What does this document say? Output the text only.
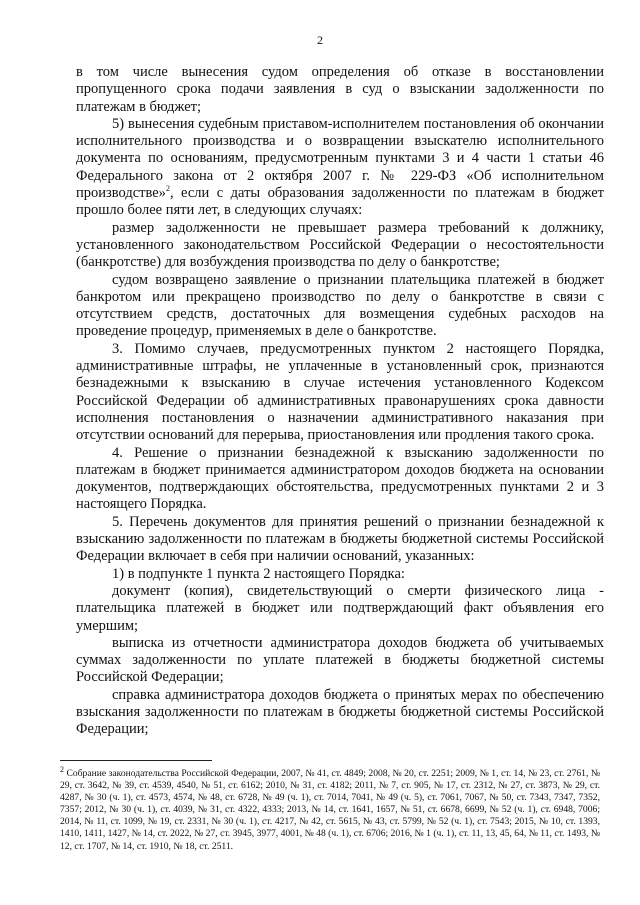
2

в том числе вынесения судом определения об отказе в восстановлении пропущенного срока подачи заявления в суд о взыскании задолженности по платежам в бюджет;

5) вынесения судебным приставом-исполнителем постановления об окончании исполнительного производства и о возвращении взыскателю исполнительного документа по основаниям, предусмотренным пунктами 3 и 4 части 1 статьи 46 Федерального закона от 2 октября 2007 г. № 229-ФЗ «Об исполнительном производстве»$^2$, если с даты образования задолженности по платежам в бюджет прошло более пяти лет, в следующих случаях:

размер задолженности не превышает размера требований к должнику, установленного законодательством Российской Федерации о несостоятельности (банкротстве) для возбуждения производства по делу о банкротстве;

судом возвращено заявление о признании плательщика платежей в бюджет банкротом или прекращено производство по делу о банкротстве в связи с отсутствием средств, достаточных для возмещения судебных расходов на проведение процедур, применяемых в деле о банкротстве.

3. Помимо случаев, предусмотренных пунктом 2 настоящего Порядка, административные штрафы, не уплаченные в установленный срок, признаются безнадежными к взысканию в случае истечения установленного Кодексом Российской Федерации об административных правонарушениях срока давности исполнения постановления о назначении административного наказания при отсутствии оснований для перерыва, приостановления или продления такого срока.

4. Решение о признании безнадежной к взысканию задолженности по платежам в бюджет принимается администратором доходов бюджета на основании документов, подтверждающих обстоятельства, предусмотренных пунктами 2 и 3 настоящего Порядка.

5. Перечень документов для принятия решений о признании безнадежной к взысканию задолженности по платежам в бюджеты бюджетной системы Российской Федерации включает в себя при наличии оснований, указанных:

1) в подпункте 1 пункта 2 настоящего Порядка:

документ (копия), свидетельствующий о смерти физического лица - плательщика платежей в бюджет или подтверждающий факт объявления его умершим;

выписка из отчетности администратора доходов бюджета об учитываемых суммах задолженности по уплате платежей в бюджеты бюджетной системы Российской Федерации;

справка администратора доходов бюджета о принятых мерах по обеспечению взыскания задолженности по платежам в бюджеты бюджетной системы Российской Федерации;

$^2$ Собрание законодательства Российской Федерации, 2007, № 41, ст. 4849; 2008, № 20, ст. 2251; 2009, № 1, ст. 14, № 23, ст. 2761, № 29, ст. 3642, № 39, ст. 4539, 4540, № 51, ст. 6162; 2010, № 31, ст. 4182; 2011, № 7, ст. 905, № 17, ст. 2312, № 27, ст. 3873, № 29, ст. 4287, № 30 (ч. 1), ст. 4573, 4574, № 48, ст. 6728, № 49 (ч. 1), ст. 7014, 7041, № 49 (ч. 5), ст. 7061, 7067, № 50, ст. 7343, 7347, 7352, 7357; 2012, № 30 (ч. 1), ст. 4039, № 31, ст. 4322, 4333; 2013, № 14, ст. 1641, 1657, № 51, ст. 6678, 6699, № 52 (ч. 1), ст. 6948, 7006; 2014, № 11, ст. 1099, № 19, ст. 2331, № 30 (ч. 1), ст. 4217, № 42, ст. 5615, № 43, ст. 5799, № 52 (ч. 1), ст. 7543; 2015, № 10, ст. 1393, 1410, 1411, 1427, № 14, ст. 2022, № 27, ст. 3945, 3977, 4001, № 48 (ч. 1), ст. 6706; 2016, № 1 (ч. 1), ст. 11, 13, 45, 64, № 11, ст. 1493, № 12, ст. 1707, № 14, ст. 1910, № 18, ст. 2511.
